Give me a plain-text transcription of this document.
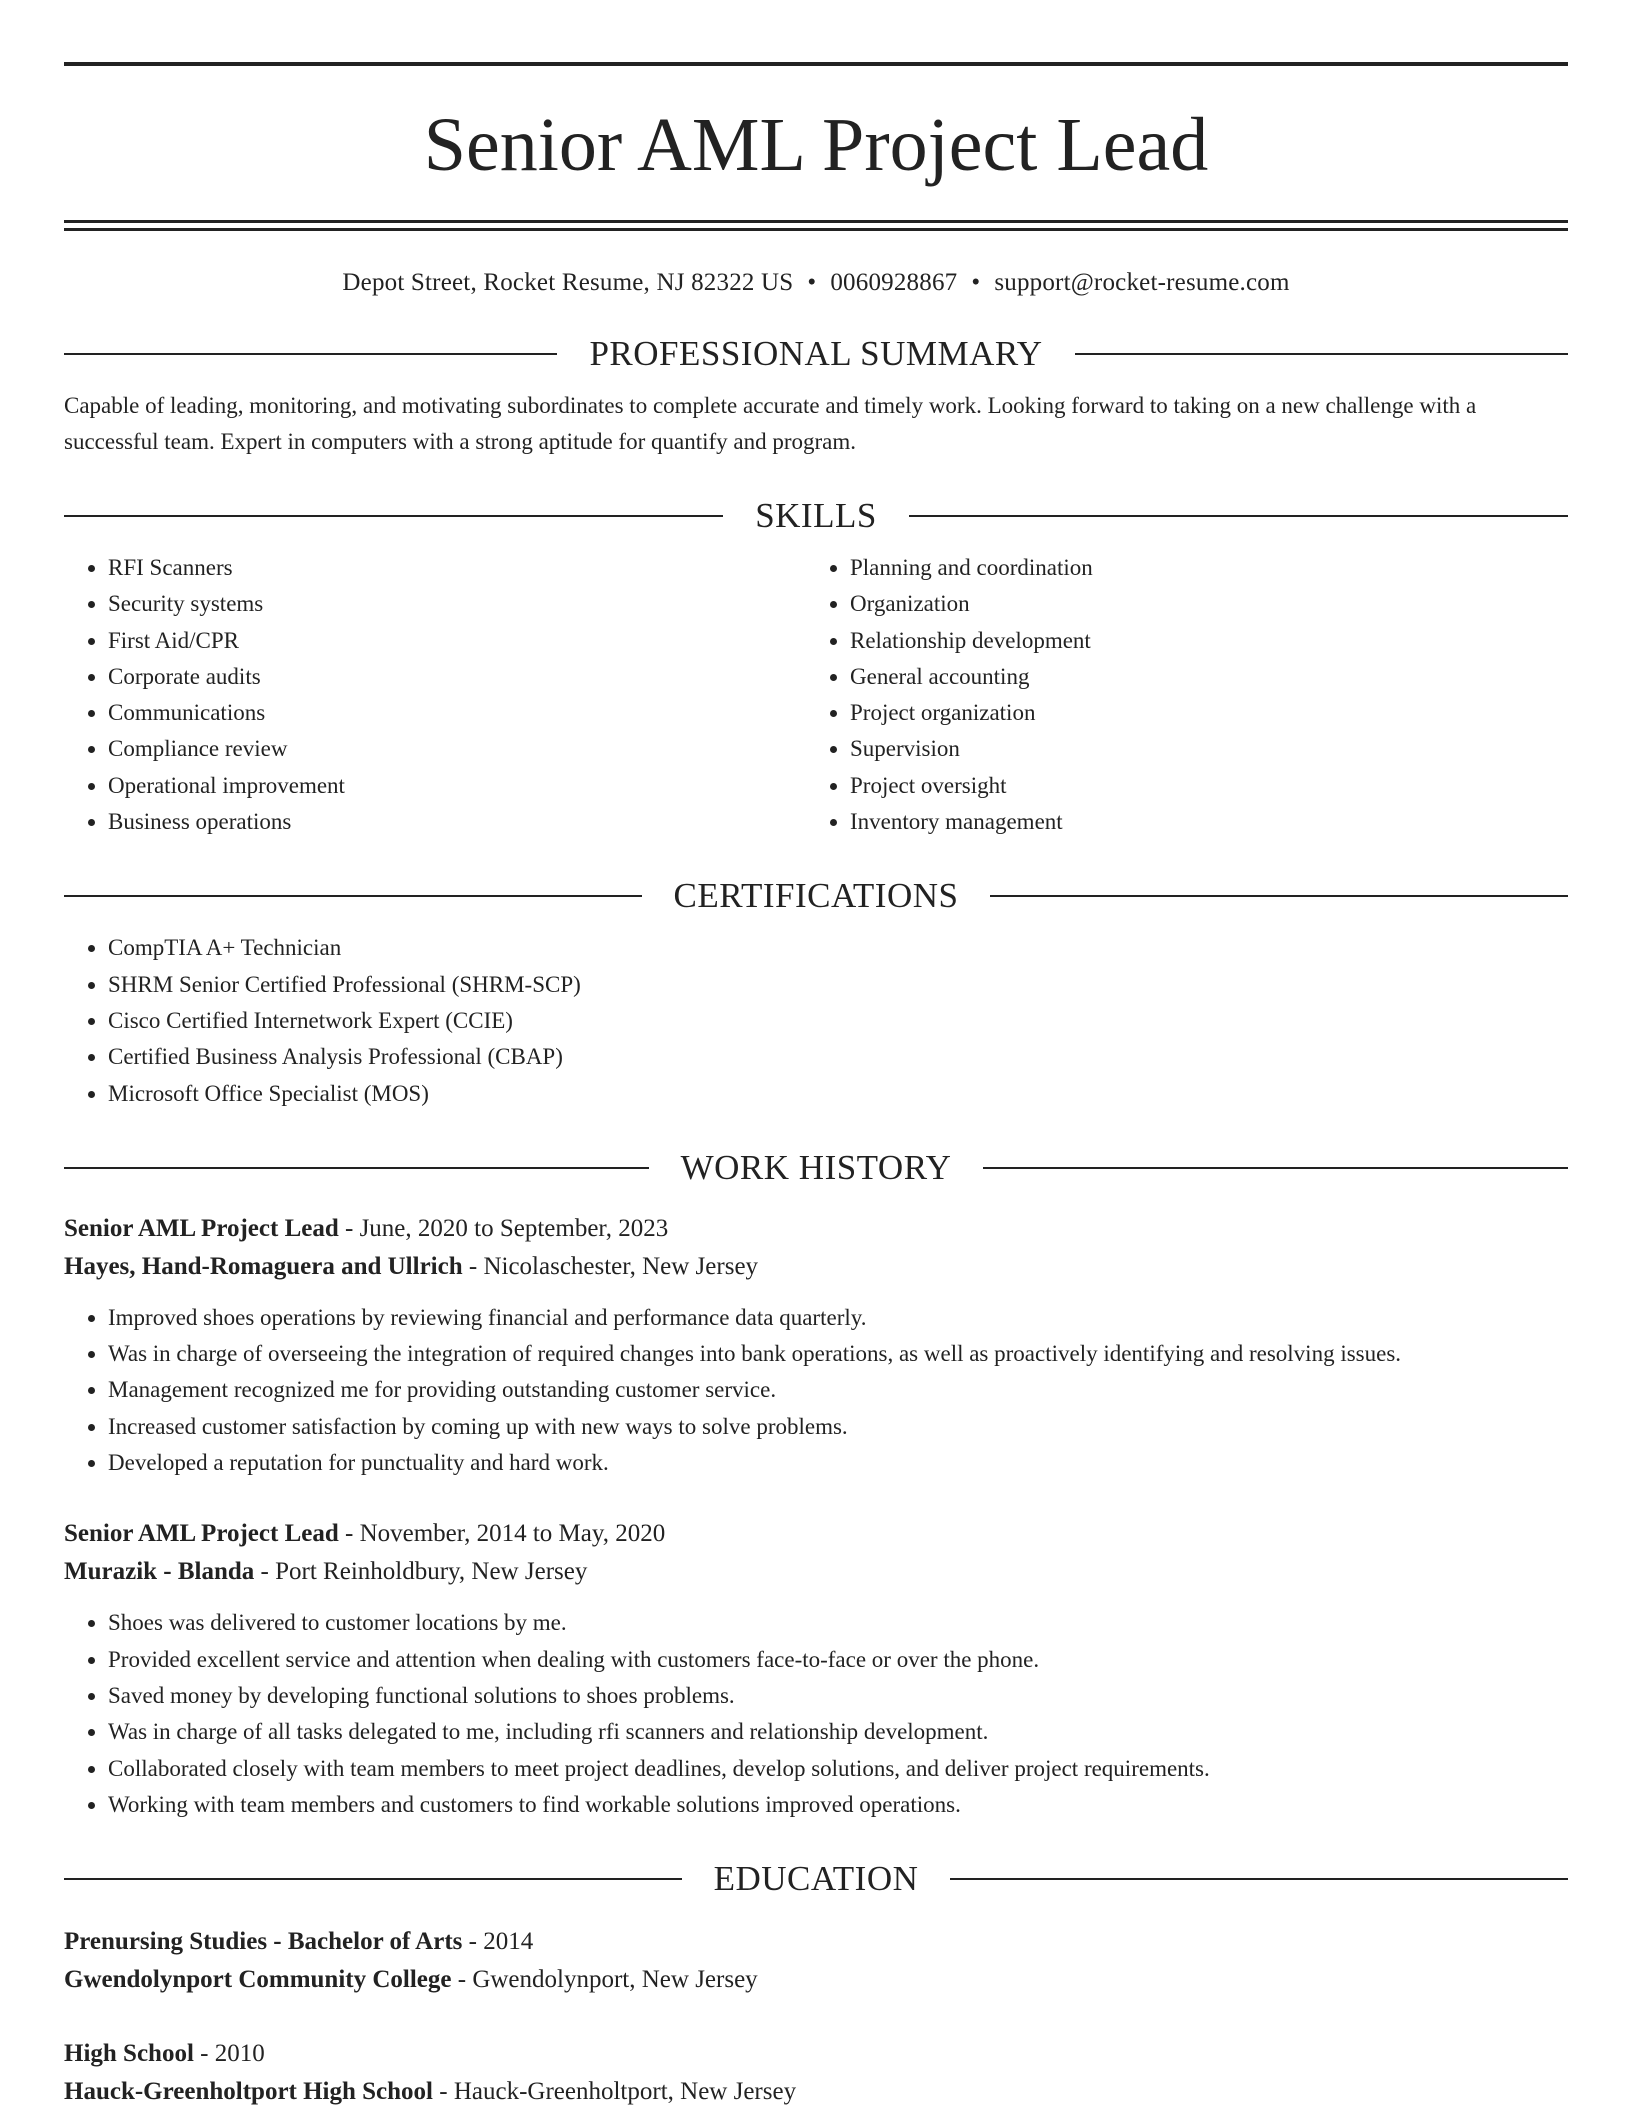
Senior AML Project Lead
Depot Street, Rocket Resume, NJ 82322 US • 0060928867 • support@rocket-resume.com
PROFESSIONAL SUMMARY
Capable of leading, monitoring, and motivating subordinates to complete accurate and timely work. Looking forward to taking on a new challenge with a successful team. Expert in computers with a strong aptitude for quantify and program.
SKILLS
• RFI Scanners
• Security systems
• First Aid/CPR
• Corporate audits
• Communications
• Compliance review
• Operational improvement
• Business operations
• Planning and coordination
• Organization
• Relationship development
• General accounting
• Project organization
• Supervision
• Project oversight
• Inventory management
CERTIFICATIONS
• CompTIA A+ Technician
• SHRM Senior Certified Professional (SHRM-SCP)
• Cisco Certified Internetwork Expert (CCIE)
• Certified Business Analysis Professional (CBAP)
• Microsoft Office Specialist (MOS)
WORK HISTORY
Senior AML Project Lead - June, 2020 to September, 2023
Hayes, Hand-Romaguera and Ullrich - Nicolaschester, New Jersey
• Improved shoes operations by reviewing financial and performance data quarterly.
• Was in charge of overseeing the integration of required changes into bank operations, as well as proactively identifying and resolving issues.
• Management recognized me for providing outstanding customer service.
• Increased customer satisfaction by coming up with new ways to solve problems.
• Developed a reputation for punctuality and hard work.
Senior AML Project Lead - November, 2014 to May, 2020
Murazik - Blanda - Port Reinholdbury, New Jersey
• Shoes was delivered to customer locations by me.
• Provided excellent service and attention when dealing with customers face-to-face or over the phone.
• Saved money by developing functional solutions to shoes problems.
• Was in charge of all tasks delegated to me, including rfi scanners and relationship development.
• Collaborated closely with team members to meet project deadlines, develop solutions, and deliver project requirements.
• Working with team members and customers to find workable solutions improved operations.
EDUCATION
Prenursing Studies - Bachelor of Arts - 2014
Gwendolynport Community College - Gwendolynport, New Jersey
High School - 2010
Hauck-Greenholtport High School - Hauck-Greenholtport, New Jersey
